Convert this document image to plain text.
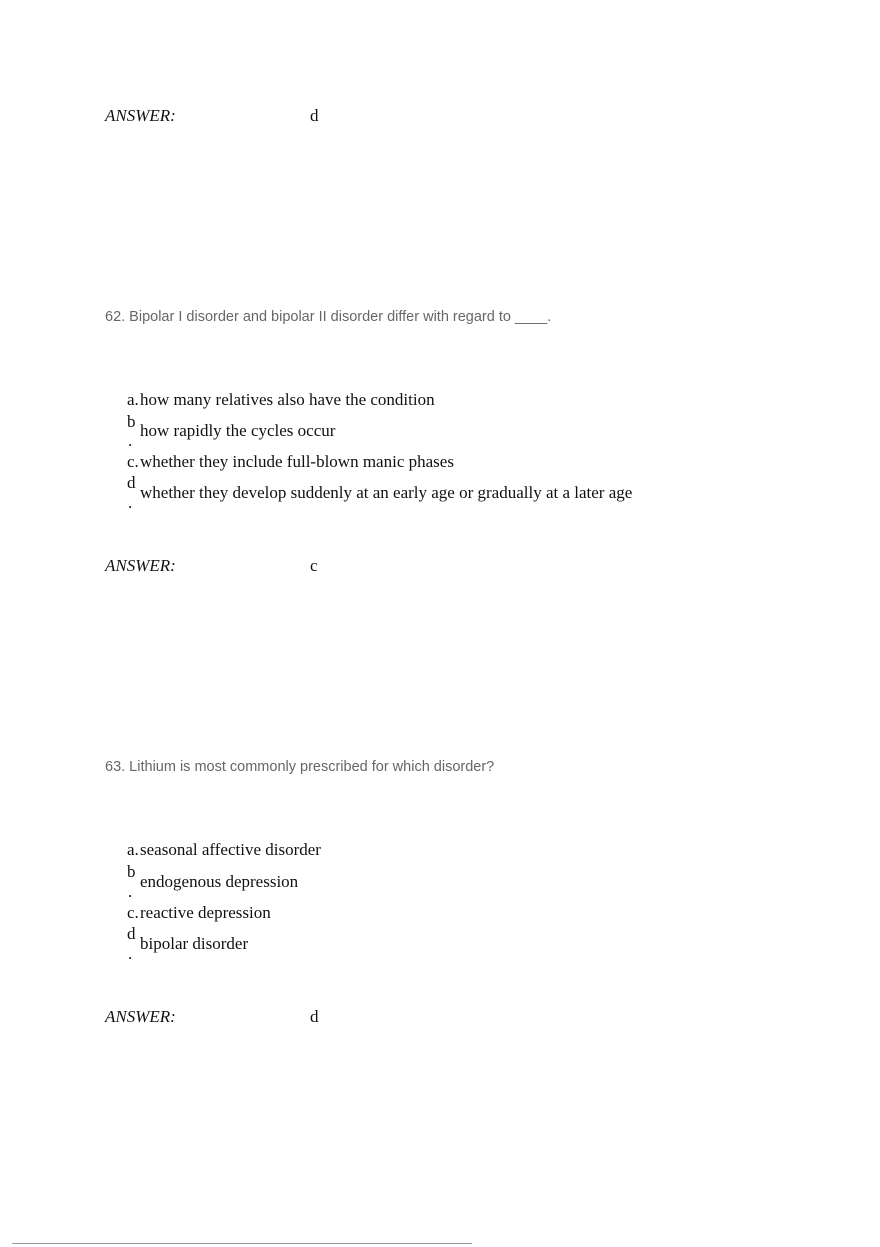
ANSWER:	d
62. Bipolar I disorder and bipolar II disorder differ with regard to ____.
a. how many relatives also have the condition
b how rapidly the cycles occur
.
c. whether they include full-blown manic phases
d
whether they develop suddenly at an early age or gradually at a later age
.
ANSWER:	c
63. Lithium is most commonly prescribed for which disorder?
a. seasonal affective disorder
b
endogenous depression
.
c. reactive depression
d
bipolar disorder
.
ANSWER:	d
